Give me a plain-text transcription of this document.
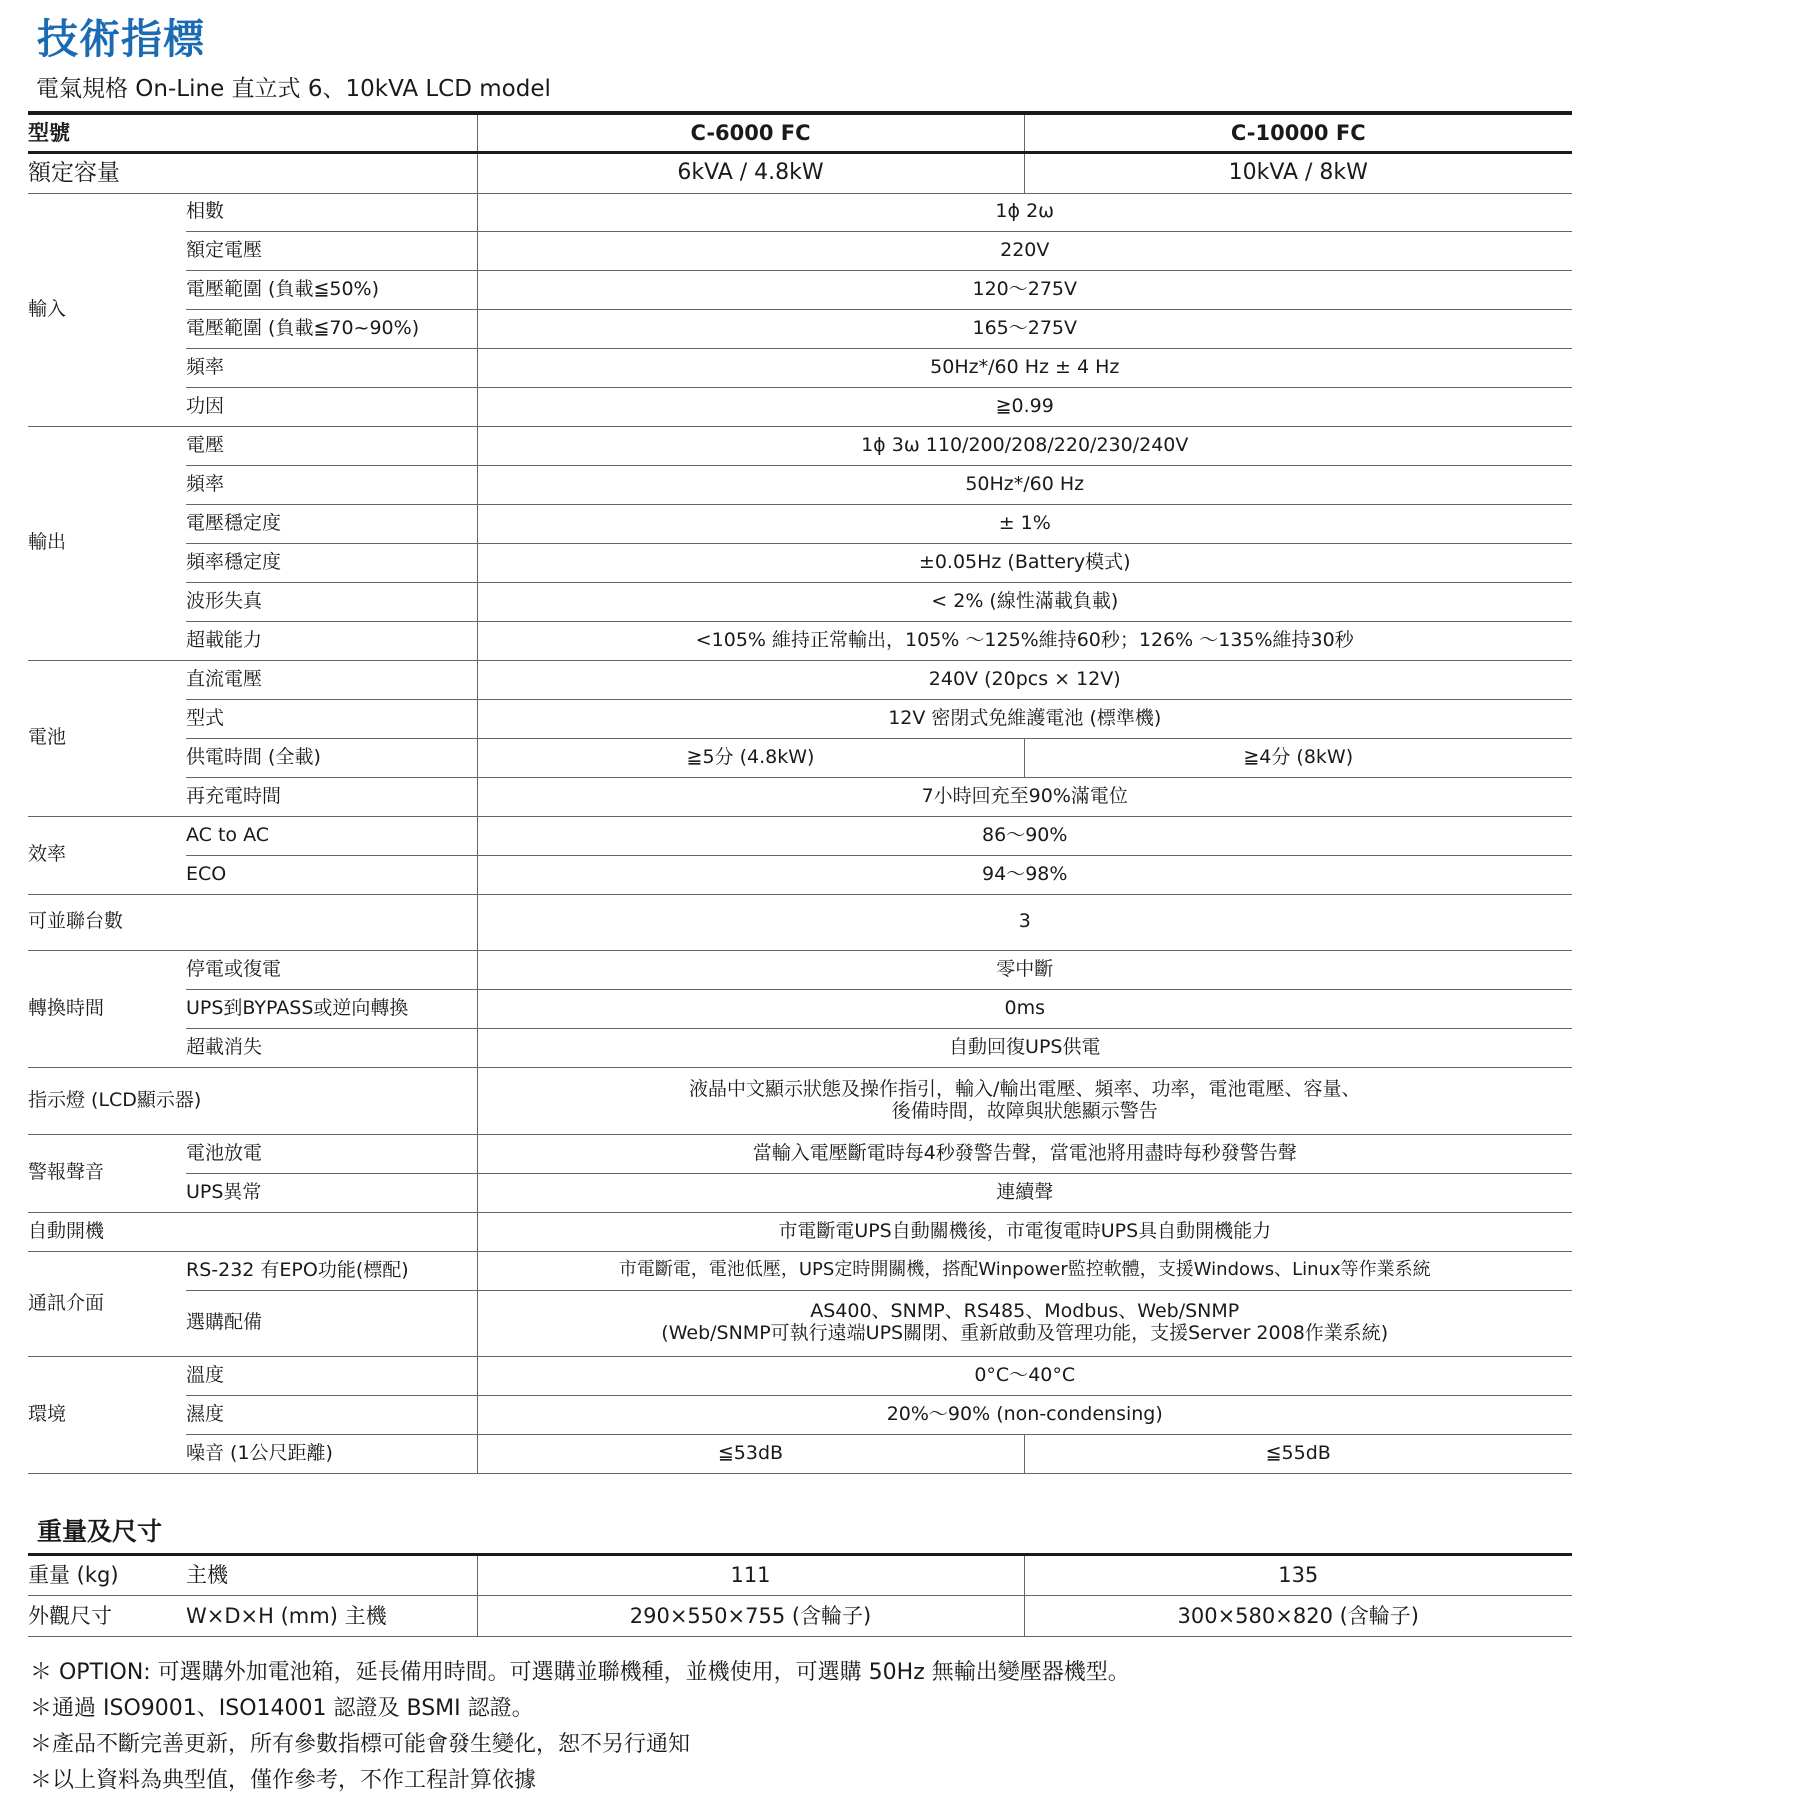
技術指標
電氣規格 On-Line 直立式 6、10kVA LCD model
型號		C-6000 FC	C-10000 FC
額定容量		6kVA / 4.8kW	10kVA / 8kW
輸入	相數	1ϕ 2ω	
	額定電壓	220V	
	電壓範圍 (負載≦50%)	120～275V	
	電壓範圍 (負載≦70~90%)	165～275V	
	頻率	50Hz*/60 Hz ± 4 Hz	
	功因	≧0.99	
輸出	電壓	1ϕ 3ω 110/200/208/220/230/240V	
	頻率	50Hz*/60 Hz	
	電壓穩定度	± 1%	
	頻率穩定度	±0.05Hz (Battery模式)	
	波形失真	< 2% (線性滿載負載)	
	超載能力	<105% 維持正常輸出，105% ～125%維持60秒；126% ～135%維持30秒	
電池	直流電壓	240V (20pcs × 12V)	
	型式	12V 密閉式免維護電池 (標準機)	
	供電時間 (全載)	≧5分 (4.8kW)	≧4分 (8kW)
	再充電時間	7小時回充至90%滿電位	
效率	AC to AC	86～90%	
	ECO	94～98%	
可並聯台數		3	
轉換時間	停電或復電	零中斷	
	UPS到BYPASS或逆向轉換	0ms	
	超載消失	自動回復UPS供電	
指示燈 (LCD顯示器)		液晶中文顯示狀態及操作指引，輸入/輸出電壓、頻率、功率，電池電壓、容量、
後備時間，故障與狀態顯示警告	

警報聲音	電池放電	當輸入電壓斷電時每4秒發警告聲，當電池將用盡時每秒發警告聲	
	UPS異常	連續聲	
自動開機		市電斷電UPS自動關機後，市電復電時UPS具自動開機能力	
通訊介面	RS-232 有EPO功能(標配)	市電斷電，電池低壓，UPS定時開關機，搭配Winpower監控軟體，支援Windows、Linux等作業系統	
	選購配備	AS400、SNMP、RS485、Modbus、Web/SNMP
(Web/SNMP可執行遠端UPS關閉、重新啟動及管理功能，支援Server 2008作業系統)	

環境	溫度	0°C～40°C	
	濕度	20%～90% (non-condensing)	
	噪音 (1公尺距離)	≦53dB	≦55dB
重量及尺寸
重量 (kg)	主機	111	135
外觀尺寸	W×D×H (mm) 主機	290×550×755 (含輪子)	300×580×820 (含輪子)
＊ OPTION: 可選購外加電池箱，延長備用時間。可選購並聯機種，並機使用，可選購 50Hz 無輸出變壓器機型。
＊通過 ISO9001、ISO14001 認證及 BSMI 認證。
＊產品不斷完善更新，所有參數指標可能會發生變化，恕不另行通知
＊以上資料為典型值，僅作參考，不作工程計算依據
